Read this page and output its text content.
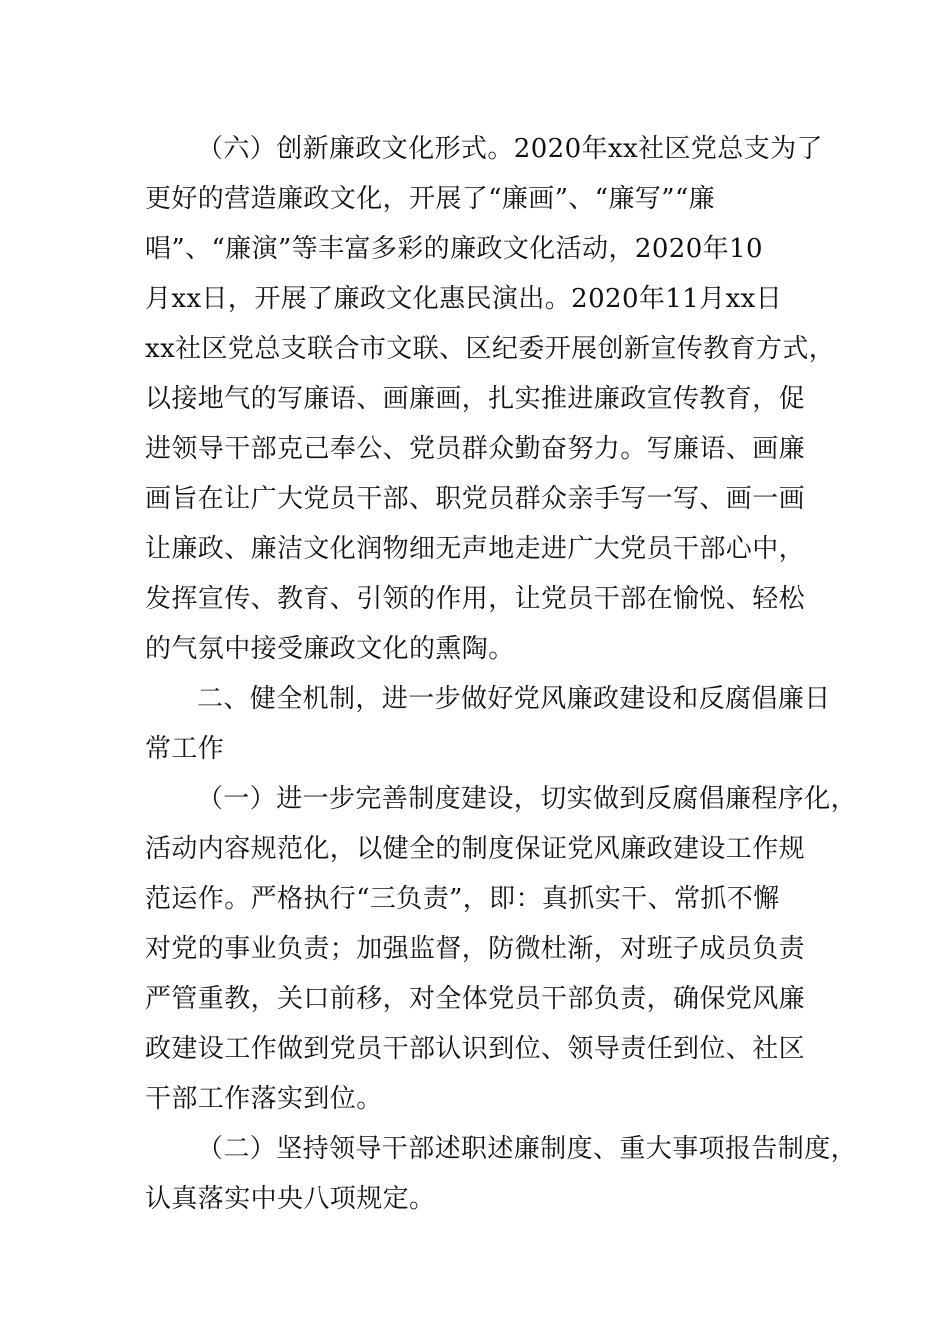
（六）创新廉政文化形式。2020年xx社区党总支为了
更好的营造廉政文化，开展了“廉画”、“廉写”“廉
唱”、“廉演”等丰富多彩的廉政文化活动，2020年10
月xx日，开展了廉政文化惠民演出。2020年11月xx日
xx社区党总支联合市文联、区纪委开展创新宣传教育方式，
以接地气的写廉语、画廉画，扎实推进廉政宣传教育，促
进领导干部克己奉公、党员群众勤奋努力。写廉语、画廉
画旨在让广大党员干部、职党员群众亲手写一写、画一画
让廉政、廉洁文化润物细无声地走进广大党员干部心中，
发挥宣传、教育、引领的作用，让党员干部在愉悦、轻松
的气氛中接受廉政文化的熏陶。
二、健全机制，进一步做好党风廉政建设和反腐倡廉日
常工作
（一）进一步完善制度建设，切实做到反腐倡廉程序化，
活动内容规范化，以健全的制度保证党风廉政建设工作规
范运作。严格执行“三负责”，即：真抓实干、常抓不懈
对党的事业负责；加强监督，防微杜渐，对班子成员负责
严管重教，关口前移，对全体党员干部负责，确保党风廉
政建设工作做到党员干部认识到位、领导责任到位、社区
干部工作落实到位。
（二）坚持领导干部述职述廉制度、重大事项报告制度，
认真落实中央八项规定。
